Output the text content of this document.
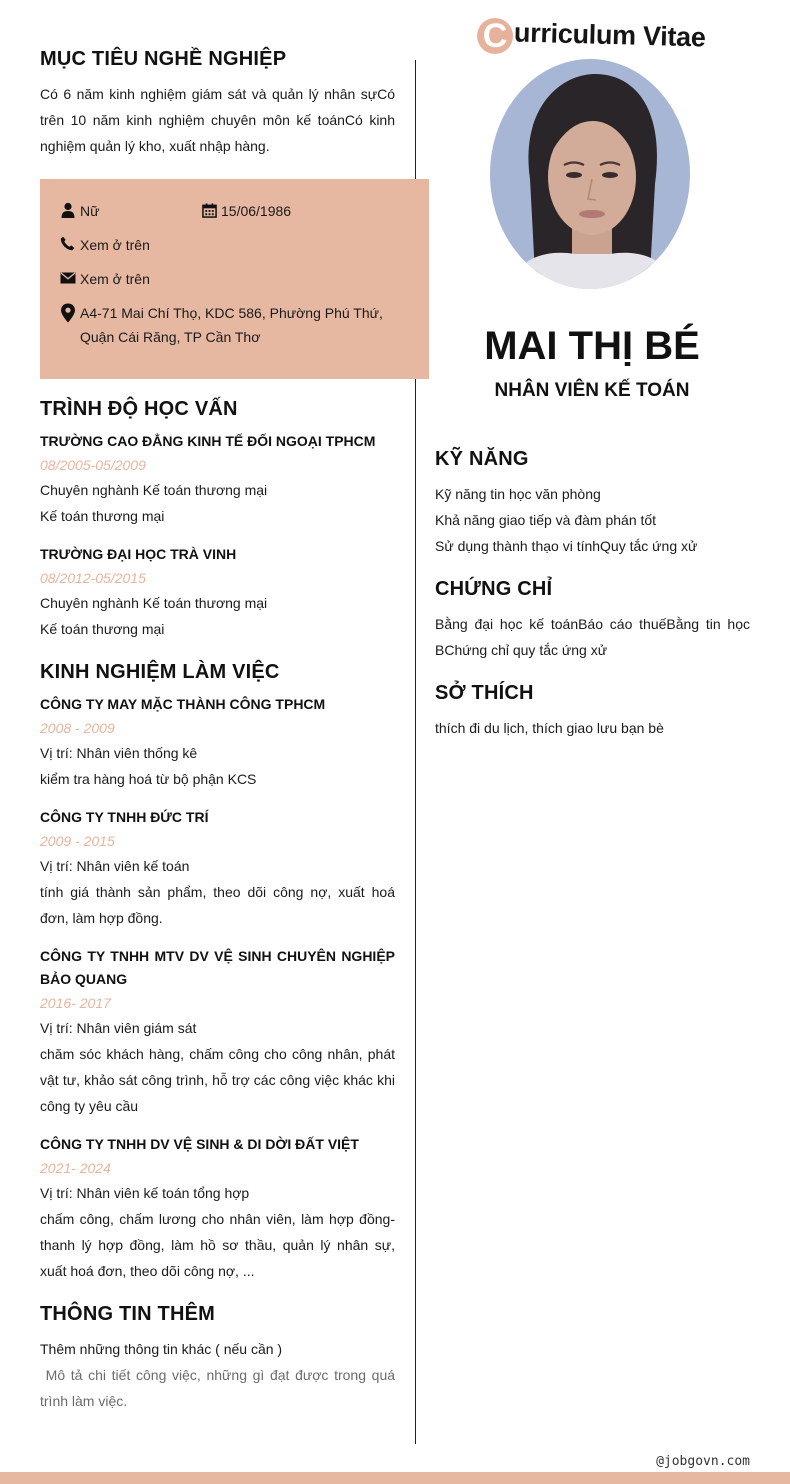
C urriculum Vitae
MỤC TIÊU NGHỀ NGHIỆP
Có 6 năm kinh nghiệm giám sát và quản lý nhân sựCó trên 10 năm kinh nghiệm chuyên môn kế toánCó kinh nghiệm quản lý kho, xuất nhập hàng.
Nữ	15/06/1986
Xem ở trên
Xem ở trên
A4-71 Mai Chí Thọ, KDC 586, Phường Phú Thứ, Quận Cái Răng, TP Cần Thơ
TRÌNH ĐỘ HỌC VẤN
TRƯỜNG CAO ĐẲNG KINH TẾ ĐỐI NGOẠI TPHCM
08/2005-05/2009
Chuyên nghành Kế toán thương mại
Kế toán thương mại
TRƯỜNG ĐẠI HỌC TRÀ VINH
08/2012-05/2015
Chuyên nghành Kế toán thương mại
Kế toán thương mại
KINH NGHIỆM LÀM VIỆC
CÔNG TY MAY MẶC THÀNH CÔNG TPHCM
2008 - 2009
Vị trí: Nhân viên thống kê
kiểm tra hàng hoá từ bộ phận KCS
CÔNG TY TNHH ĐỨC TRÍ
2009 - 2015
Vị trí: Nhân viên kế toán
tính giá thành sản phẩm, theo dõi công nợ, xuất hoá đơn, làm hợp đồng.
CÔNG TY TNHH MTV DV VỆ SINH CHUYÊN NGHIỆP BẢO QUANG
2016- 2017
Vị trí: Nhân viên giám sát
chăm sóc khách hàng, chấm công cho công nhân, phát vật tư, khảo sát công trình, hỗ trợ các công việc khác khi công ty yêu cầu
CÔNG TY TNHH DV VỆ SINH & DI DỜI ĐẤT VIỆT
2021- 2024
Vị trí: Nhân viên kế toán tổng hợp
chấm công, chấm lương cho nhân viên, làm hợp đồng-thanh lý hợp đồng, làm hồ sơ thầu, quản lý nhân sự, xuất hoá đơn, theo dõi công nợ, ...
THÔNG TIN THÊM
Thêm những thông tin khác ( nếu cần )
Mô tả chi tiết công việc, những gì đạt được trong quá trình làm việc.
MAI THỊ BÉ
NHÂN VIÊN KẾ TOÁN
KỸ NĂNG
Kỹ năng tin học văn phòng
Khả năng giao tiếp và đàm phán tốt
Sử dụng thành thạo vi tínhQuy tắc ứng xử
CHỨNG CHỈ
Bằng đại học kế toánBáo cáo thuếBằng tin học BChứng chỉ quy tắc ứng xử
SỞ THÍCH
thích đi du lịch, thích giao lưu bạn bè
@jobgovn.com
